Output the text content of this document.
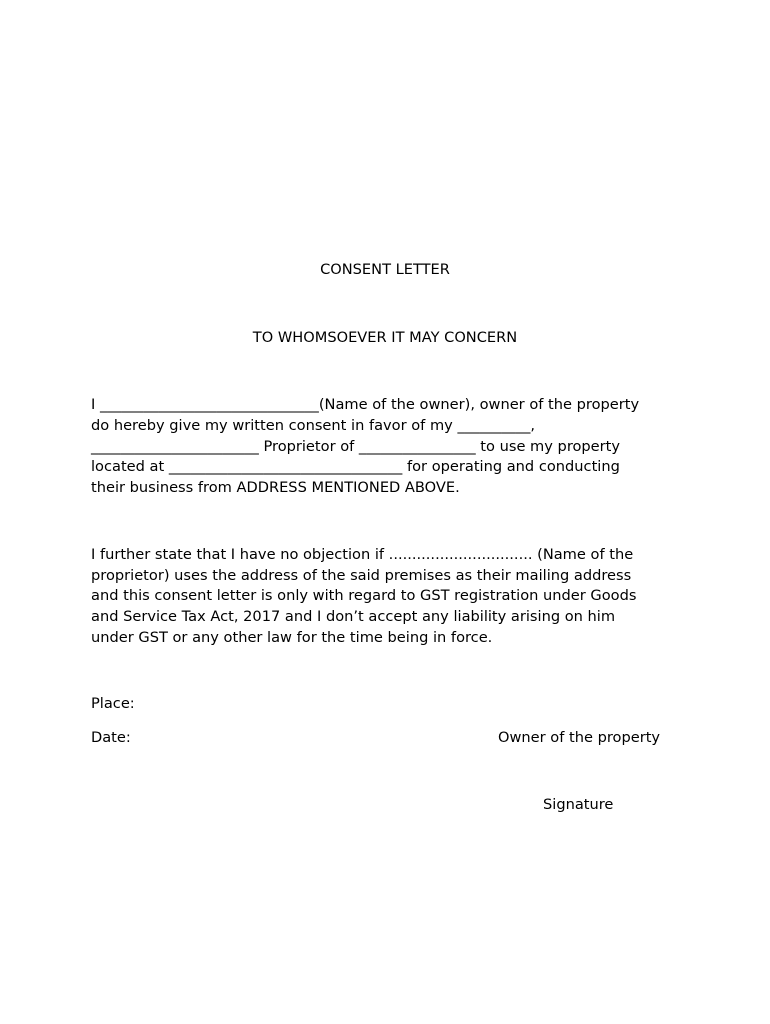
CONSENT LETTER
TO WHOMSOEVER IT MAY CONCERN
I ______________________________(Name of the owner), owner of the property
do hereby give my written consent in favor of my __________,
_______________________ Proprietor of ________________ to use my property
located at ________________________________ for operating and conducting
their business from ADDRESS MENTIONED ABOVE.
I further state that I have no objection if ............................... (Name of the
proprietor) uses the address of the said premises as their mailing address
and this consent letter is only with regard to GST registration under Goods
and Service Tax Act, 2017 and I don’t accept any liability arising on him
under GST or any other law for the time being in force.
Place:
Date:	Owner of the property
Signature
